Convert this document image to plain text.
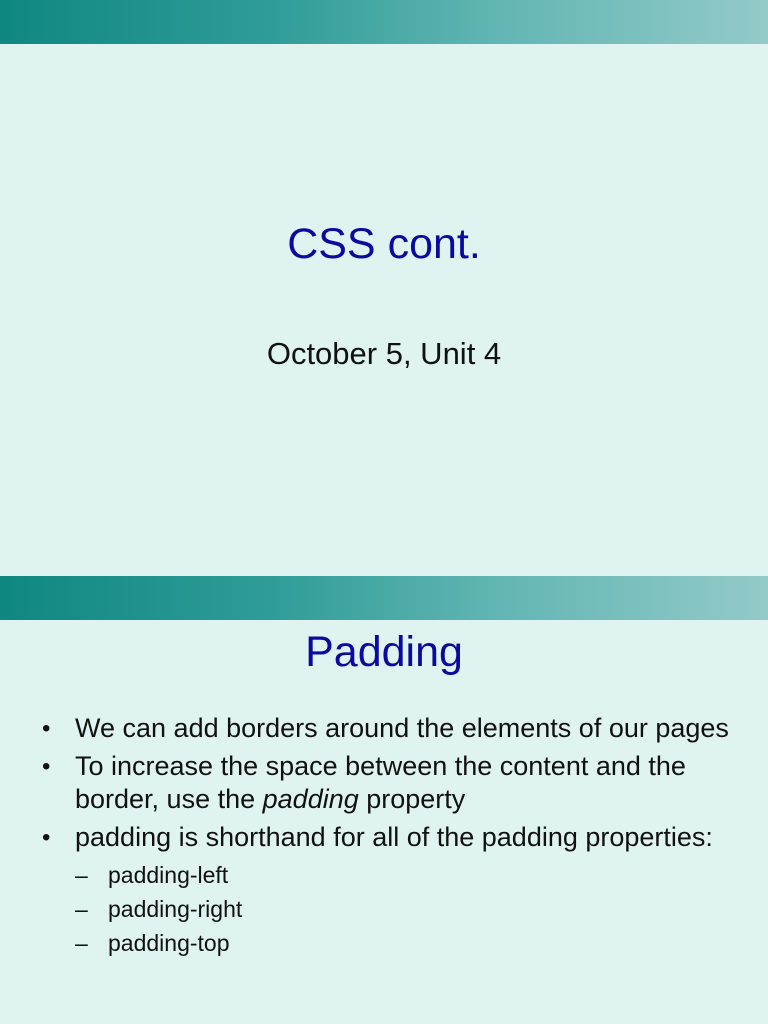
CSS cont.

October 5, Unit 4

Padding
• We can add borders around the elements of our pages
• To increase the space between the content and the border, use the padding property
• padding is shorthand for all of the padding properties:
– padding-left
– padding-right
– padding-top
